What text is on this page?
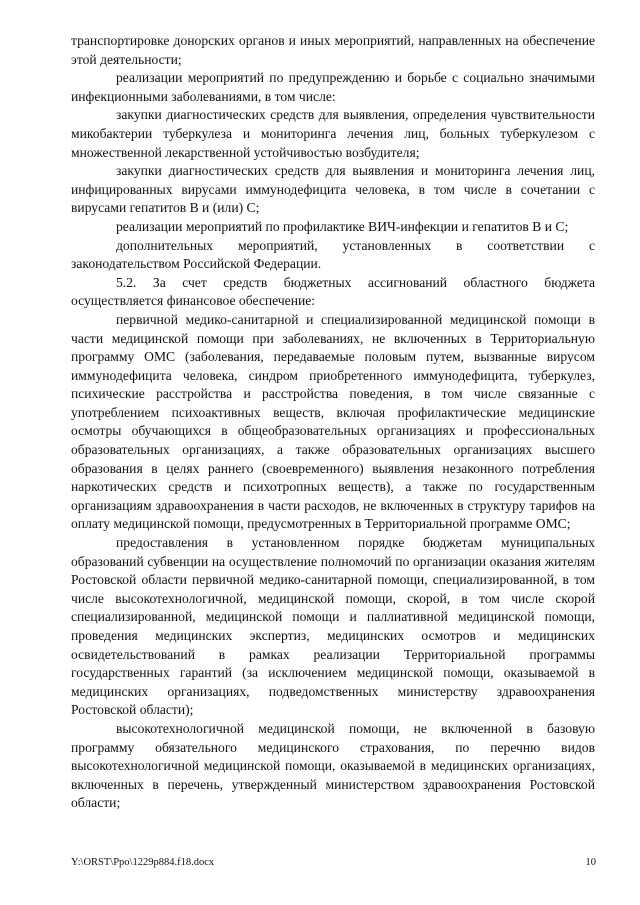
транспортировке донорских органов и иных мероприятий, направленных на обеспечение этой деятельности;

реализации мероприятий по предупреждению и борьбе с социально значимыми инфекционными заболеваниями, в том числе:

закупки диагностических средств для выявления, определения чувствительности микобактерии туберкулеза и мониторинга лечения лиц, больных туберкулезом с множественной лекарственной устойчивостью возбудителя;

закупки диагностических средств для выявления и мониторинга лечения лиц, инфицированных вирусами иммунодефицита человека, в том числе в сочетании с вирусами гепатитов В и (или) С;

реализации мероприятий по профилактике ВИЧ-инфекции и гепатитов В и С;

дополнительных мероприятий, установленных в соответствии с законодательством Российской Федерации.

5.2. За счет средств бюджетных ассигнований областного бюджета осуществляется финансовое обеспечение:

первичной медико-санитарной и специализированной медицинской помощи в части медицинской помощи при заболеваниях, не включенных в Территориальную программу ОМС (заболевания, передаваемые половым путем, вызванные вирусом иммунодефицита человека, синдром приобретенного иммунодефицита, туберкулез, психические расстройства и расстройства поведения, в том числе связанные с употреблением психоактивных веществ, включая профилактические медицинские осмотры обучающихся в общеобразовательных организациях и профессиональных образовательных организациях, а также образовательных организациях высшего образования в целях раннего (своевременного) выявления незаконного потребления наркотических средств и психотропных веществ), а также по государственным организациям здравоохранения в части расходов, не включенных в структуру тарифов на оплату медицинской помощи, предусмотренных в Территориальной программе ОМС;

предоставления в установленном порядке бюджетам муниципальных образований субвенции на осуществление полномочий по организации оказания жителям Ростовской области первичной медико-санитарной помощи, специализированной, в том числе высокотехнологичной, медицинской помощи, скорой, в том числе скорой специализированной, медицинской помощи и паллиативной медицинской помощи, проведения медицинских экспертиз, медицинских осмотров и медицинских освидетельствований в рамках реализации Территориальной программы государственных гарантий (за исключением медицинской помощи, оказываемой в медицинских организациях, подведомственных министерству здравоохранения Ростовской области);

высокотехнологичной медицинской помощи, не включенной в базовую программу обязательного медицинского страхования, по перечню видов высокотехнологичной медицинской помощи, оказываемой в медицинских организациях, включенных в перечень, утвержденный министерством здравоохранения Ростовской области;

Y:\ORST\Ppo\1229p884.f18.docx	10
